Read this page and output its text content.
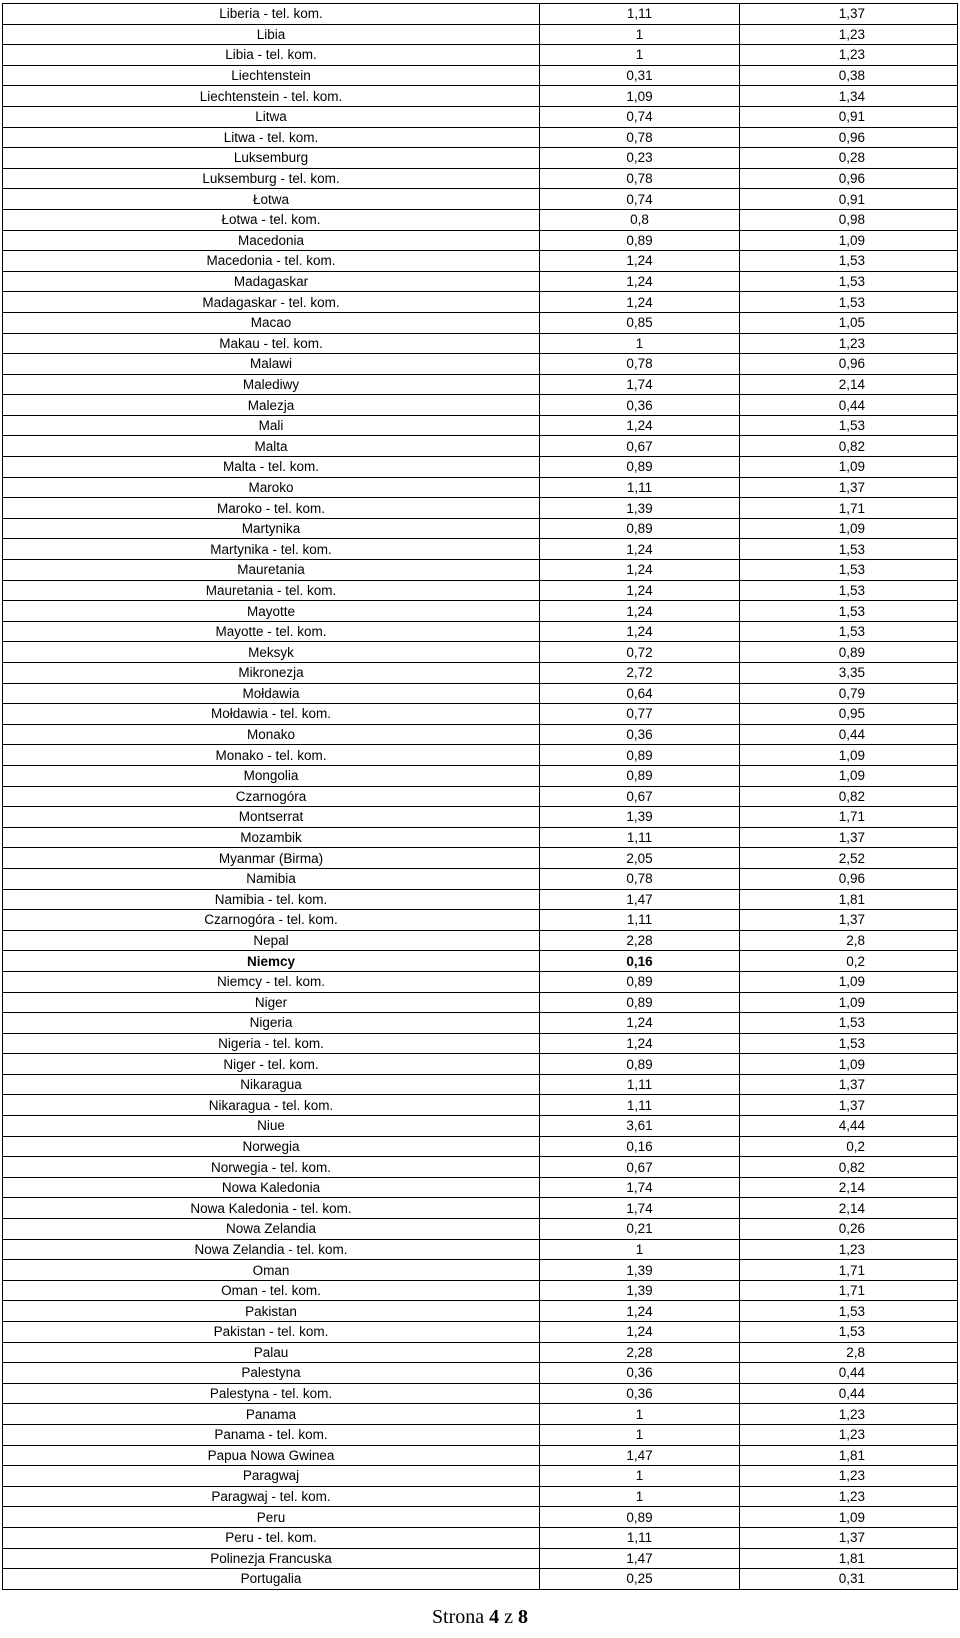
Liberia - tel. kom.	1,11	1,37
Libia	1	1,23
Libia - tel. kom.	1	1,23
Liechtenstein	0,31	0,38
Liechtenstein - tel. kom.	1,09	1,34
Litwa	0,74	0,91
Litwa - tel. kom.	0,78	0,96
Luksemburg	0,23	0,28
Luksemburg - tel. kom.	0,78	0,96
Łotwa	0,74	0,91
Łotwa - tel. kom.	0,8	0,98
Macedonia	0,89	1,09
Macedonia - tel. kom.	1,24	1,53
Madagaskar	1,24	1,53
Madagaskar - tel. kom.	1,24	1,53
Macao	0,85	1,05
Makau - tel. kom.	1	1,23
Malawi	0,78	0,96
Malediwy	1,74	2,14
Malezja	0,36	0,44
Mali	1,24	1,53
Malta	0,67	0,82
Malta - tel. kom.	0,89	1,09
Maroko	1,11	1,37
Maroko - tel. kom.	1,39	1,71
Martynika	0,89	1,09
Martynika - tel. kom.	1,24	1,53
Mauretania	1,24	1,53
Mauretania - tel. kom.	1,24	1,53
Mayotte	1,24	1,53
Mayotte - tel. kom.	1,24	1,53
Meksyk	0,72	0,89
Mikronezja	2,72	3,35
Mołdawia	0,64	0,79
Mołdawia - tel. kom.	0,77	0,95
Monako	0,36	0,44
Monako - tel. kom.	0,89	1,09
Mongolia	0,89	1,09
Czarnogóra	0,67	0,82
Montserrat	1,39	1,71
Mozambik	1,11	1,37
Myanmar (Birma)	2,05	2,52
Namibia	0,78	0,96
Namibia - tel. kom.	1,47	1,81
Czarnogóra - tel. kom.	1,11	1,37
Nepal	2,28	2,8
Niemcy	0,16	0,2
Niemcy - tel. kom.	0,89	1,09
Niger	0,89	1,09
Nigeria	1,24	1,53
Nigeria - tel. kom.	1,24	1,53
Niger - tel. kom.	0,89	1,09
Nikaragua	1,11	1,37
Nikaragua - tel. kom.	1,11	1,37
Niue	3,61	4,44
Norwegia	0,16	0,2
Norwegia - tel. kom.	0,67	0,82
Nowa Kaledonia	1,74	2,14
Nowa Kaledonia - tel. kom.	1,74	2,14
Nowa Zelandia	0,21	0,26
Nowa Zelandia - tel. kom.	1	1,23
Oman	1,39	1,71
Oman - tel. kom.	1,39	1,71
Pakistan	1,24	1,53
Pakistan - tel. kom.	1,24	1,53
Palau	2,28	2,8
Palestyna	0,36	0,44
Palestyna - tel. kom.	0,36	0,44
Panama	1	1,23
Panama - tel. kom.	1	1,23
Papua Nowa Gwinea	1,47	1,81
Paragwaj	1	1,23
Paragwaj - tel. kom.	1	1,23
Peru	0,89	1,09
Peru - tel. kom.	1,11	1,37
Polinezja Francuska	1,47	1,81
Portugalia	0,25	0,31
Strona 4 z 8
